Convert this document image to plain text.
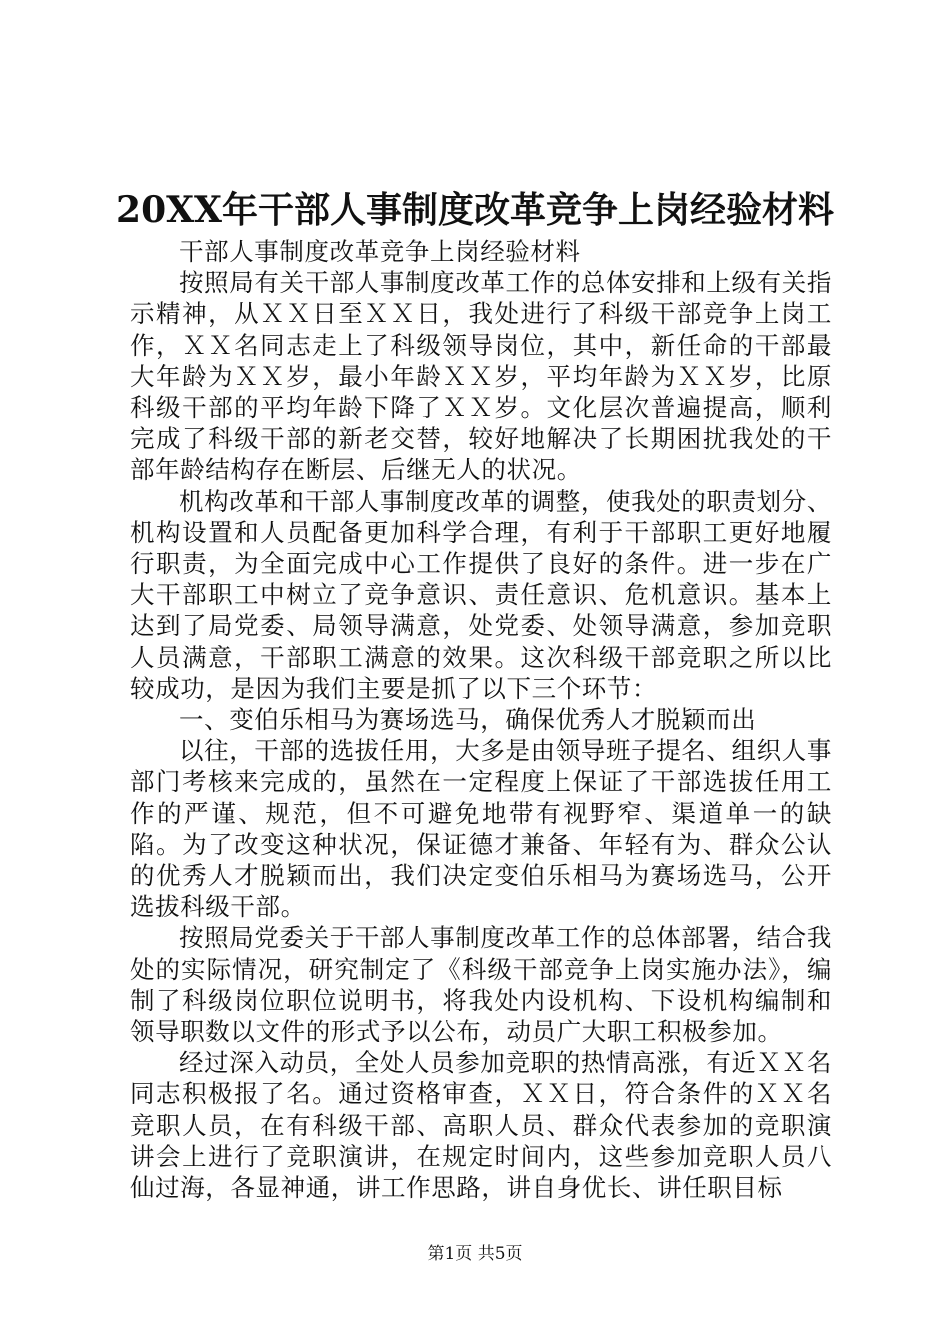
20XX年干部人事制度改革竞争上岗经验材料

干部人事制度改革竞争上岗经验材料

按照局有关干部人事制度改革工作的总体安排和上级有关指示精神，从ＸＸ日至ＸＸ日，我处进行了科级干部竞争上岗工作，ＸＸ名同志走上了科级领导岗位，其中，新任命的干部最大年龄为ＸＸ岁，最小年龄ＸＸ岁，平均年龄为ＸＸ岁，比原科级干部的平均年龄下降了ＸＸ岁。文化层次普遍提高，顺利完成了科级干部的新老交替，较好地解决了长期困扰我处的干部年龄结构存在断层、后继无人的状况。

机构改革和干部人事制度改革的调整，使我处的职责划分、机构设置和人员配备更加科学合理，有利于干部职工更好地履行职责，为全面完成中心工作提供了良好的条件。进一步在广大干部职工中树立了竞争意识、责任意识、危机意识。基本上达到了局党委、局领导满意，处党委、处领导满意，参加竞职人员满意，干部职工满意的效果。这次科级干部竞职之所以比较成功，是因为我们主要是抓了以下三个环节：

一、变伯乐相马为赛场选马，确保优秀人才脱颖而出

以往，干部的选拔任用，大多是由领导班子提名、组织人事部门考核来完成的，虽然在一定程度上保证了干部选拔任用工作的严谨、规范，但不可避免地带有视野窄、渠道单一的缺陷。为了改变这种状况，保证德才兼备、年轻有为、群众公认的优秀人才脱颖而出，我们决定变伯乐相马为赛场选马，公开选拔科级干部。

按照局党委关于干部人事制度改革工作的总体部署，结合我处的实际情况，研究制定了《科级干部竞争上岗实施办法》，编制了科级岗位职位说明书，将我处内设机构、下设机构编制和领导职数以文件的形式予以公布，动员广大职工积极参加。

经过深入动员，全处人员参加竞职的热情高涨，有近ＸＸ名同志积极报了名。通过资格审查，ＸＸ日，符合条件的ＸＸ名竞职人员，在有科级干部、高职人员、群众代表参加的竞职演讲会上进行了竞职演讲，在规定时间内，这些参加竞职人员八仙过海，各显神通，讲工作思路，讲自身优长、讲任职目标

第1页 共5页
